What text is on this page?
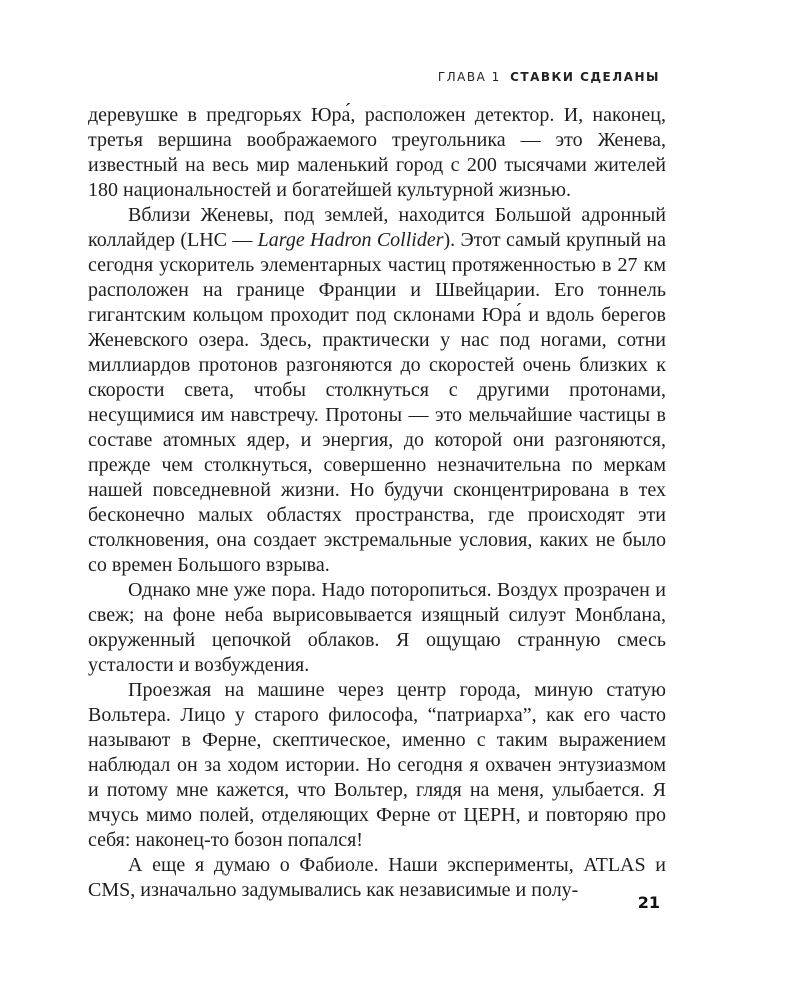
ГЛАВА 1 СТАВКИ СДЕЛАНЫ

деревушке в предгорьях Юра́, расположен детектор. И, наконец, третья вершина воображаемого треугольника — это Женева, известный на весь мир маленький город с 200 тысячами жителей 180 национальностей и богатейшей культурной жизнью.

Вблизи Женевы, под землей, находится Большой адронный коллайдер (LHC — Large Hadron Collider). Этот самый крупный на сегодня ускоритель элементарных частиц протяженностью в 27 км расположен на границе Франции и Швейцарии. Его тоннель гигантским кольцом проходит под склонами Юра́ и вдоль берегов Женевского озера. Здесь, практически у нас под ногами, сотни миллиардов протонов разгоняются до скоростей очень близких к скорости света, чтобы столкнуться с другими протонами, несущимися им навстречу. Протоны — это мельчайшие частицы в составе атомных ядер, и энергия, до которой они разгоняются, прежде чем столкнуться, совершенно незначительна по меркам нашей повседневной жизни. Но будучи сконцентрирована в тех бесконечно малых областях пространства, где происходят эти столкновения, она создает экстремальные условия, каких не было со времен Большого взрыва.

Однако мне уже пора. Надо поторопиться. Воздух прозрачен и свеж; на фоне неба вырисовывается изящный силуэт Монблана, окруженный цепочкой облаков. Я ощущаю странную смесь усталости и возбуждения.

Проезжая на машине через центр города, миную статую Вольтера. Лицо у старого философа, “патриарха”, как его часто называют в Ферне, скептическое, именно с таким выражением наблюдал он за ходом истории. Но сегодня я охвачен энтузиазмом и потому мне кажется, что Вольтер, глядя на меня, улыбается. Я мчусь мимо полей, отделяющих Ферне от ЦЕРН, и повторяю про себя: наконец-то бозон попался!

А еще я думаю о Фабиоле. Наши эксперименты, ATLAS и CMS, изначально задумывались как независимые и полу-

21
